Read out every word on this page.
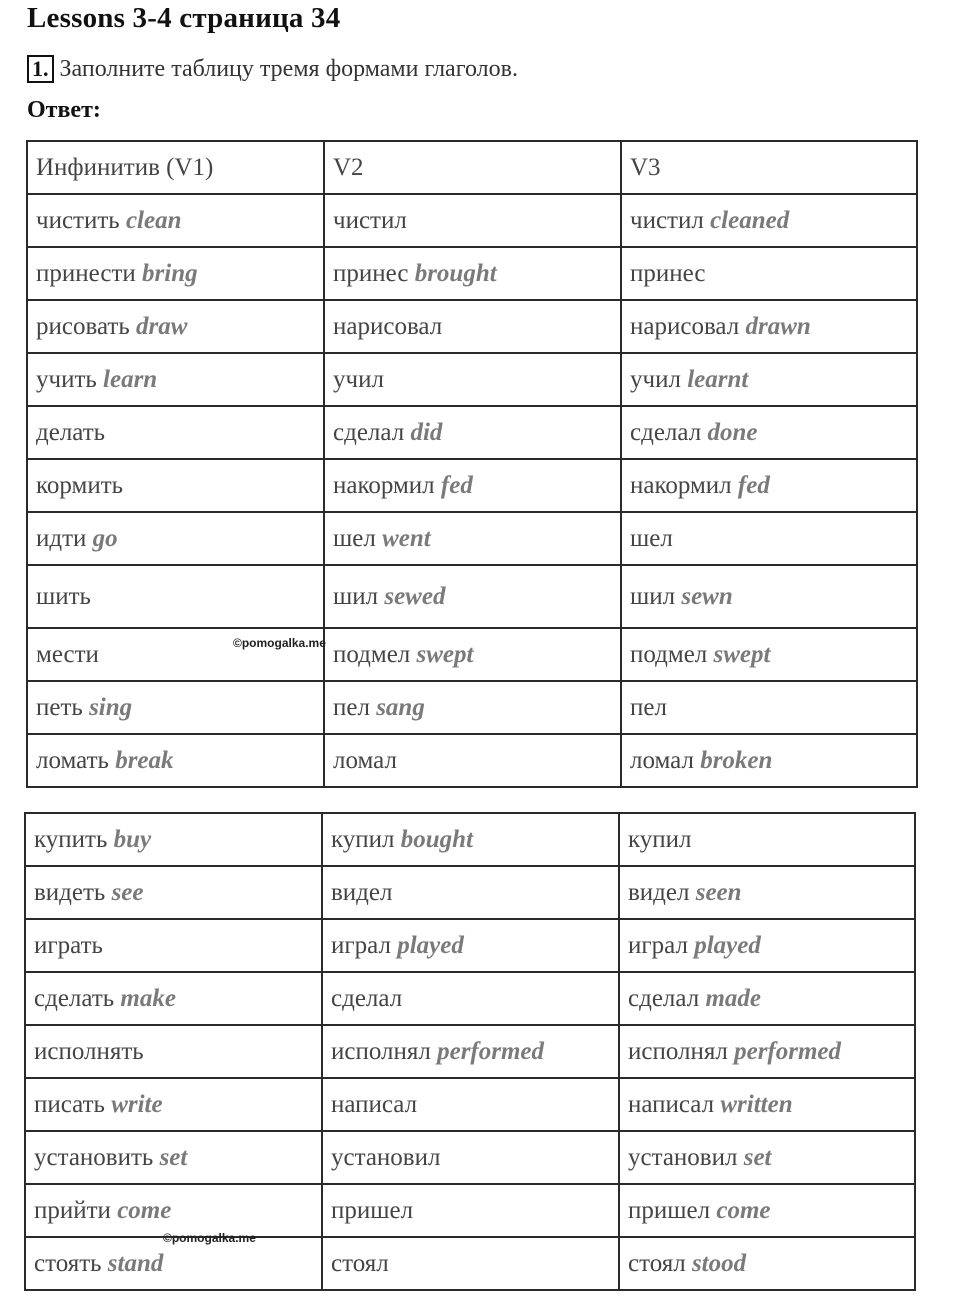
Lessons 3-4 страница 34
1. Заполните таблицу тремя формами глаголов.
Ответ:
Инфинитив (V1)	V2	V3
чистить clean	чистил	чистил cleaned
принести bring	принес brought	принес
рисовать draw	нарисовал	нарисовал drawn
учить learn	учил	учил learnt
делать	сделал did	сделал done
кормить	накормил fed	накормил fed
идти go	шел went	шел
шить	шил sewed	шил sewn
мести	подмел swept	подмел swept
петь sing	пел sang	пел
ломать break	ломал	ломал broken
купить buy	купил bought	купил
видеть see	видел	видел seen
играть	играл played	играл played
сделать make	сделал	сделал made
исполнять	исполнял performed	исполнял performed
писать write	написал	написал written
установить set	установил	установил set
прийти come	пришел	пришел come
стоять stand	стоял	стоял stood
©pomogalka.me
©pomogalka.me
